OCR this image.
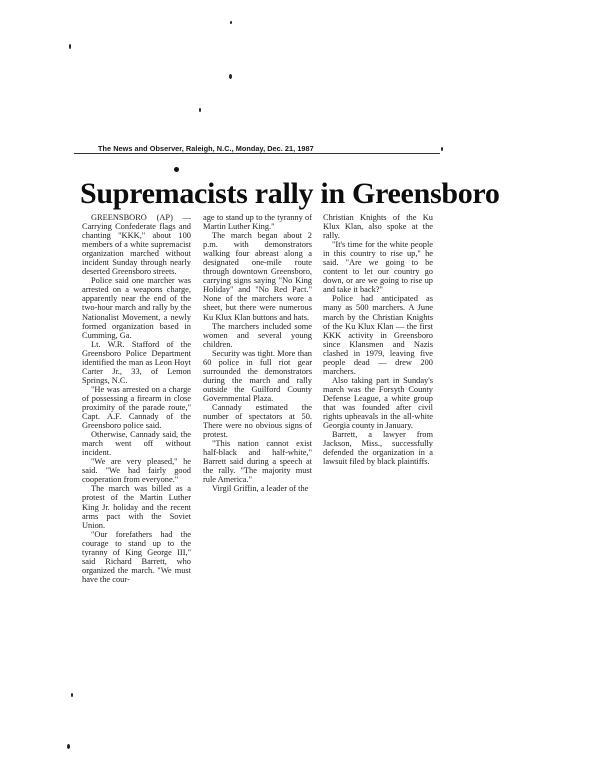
The News and Observer, Raleigh, N.C., Monday, Dec. 21, 1987
Supremacists rally in Greensboro

GREENSBORO (AP) — Carrying Confederate flags and chanting "KKK," about 100 members of a white supremacist organization marched without incident Sunday through nearly deserted Greensboro streets.

Police said one marcher was arrested on a weapons charge, apparently near the end of the two-hour march and rally by the Nationalist Movement, a newly formed organization based in Cumming, Ga.

Lt. W.R. Stafford of the Greensboro Police Department identified the man as Leon Hoyt Carter Jr., 33, of Lemon Springs, N.C.

"He was arrested on a charge of possessing a firearm in close proximity of the parade route," Capt. A.F. Cannady of the Greensboro police said.

Otherwise, Cannady said, the march went off without incident.

"We are very pleased," he said. "We had fairly good cooperation from everyone."

The march was billed as a protest of the Martin Luther King Jr. holiday and the recent arms pact with the Soviet Union.

"Our forefathers had the courage to stand up to the tyranny of King George III," said Richard Barrett, who organized the march. "We must have the cour-

age to stand up to the tyranny of Martin Luther King."

The march began about 2 p.m. with demonstrators walking four abreast along a designated one-mile route through downtown Greensboro, carrying signs saying "No King Holiday" and "No Red Pact." None of the marchers wore a sheet, but there were numerous Ku Klux Klan buttons and hats.

The marchers included some women and several young children.

Security was tight. More than 60 police in full riot gear surrounded the demonstrators during the march and rally outside the Guilford County Governmental Plaza.

Cannady estimated the number of spectators at 50. There were no obvious signs of protest.

"This nation cannot exist half-black and half-white," Barrett said during a speech at the rally. "The majority must rule America."

Virgil Griffin, a leader of the

Christian Knights of the Ku Klux Klan, also spoke at the rally.

"It's time for the white people in this country to rise up," he said. "Are we going to be content to let our country go down, or are we going to rise up and take it back?"

Police had anticipated as many as 500 marchers. A June march by the Christian Knights of the Ku Klux Klan — the first KKK activity in Greensboro since Klansmen and Nazis clashed in 1979, leaving five people dead — drew 200 marchers.

Also taking part in Sunday's march was the Forsyth County Defense League, a white group that was founded after civil rights upheavals in the all-white Georgia county in January.

Barrett, a lawyer from Jackson, Miss., successfully defended the organization in a lawsuit filed by black plaintiffs.
